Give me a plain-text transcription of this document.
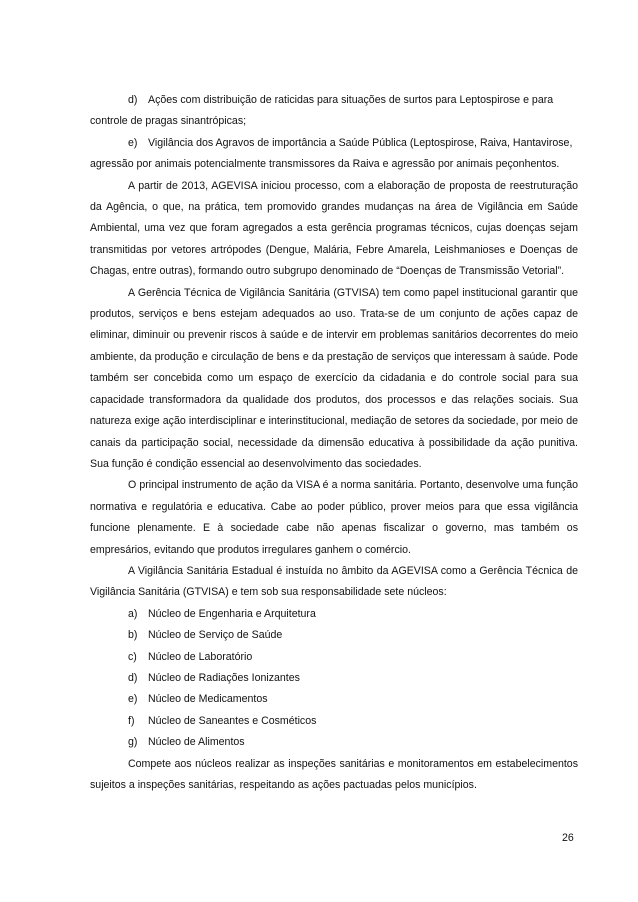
d) Ações com distribuição de raticidas para situações de surtos para Leptospirose e para

controle de pragas sinantrópicas;

e) Vigilância dos Agravos de importância a Saúde Pública (Leptospirose, Raiva, Hantavirose,

agressão por animais potencialmente transmissores da Raiva e agressão por animais peçonhentos.

A partir de 2013, AGEVISA iniciou processo, com a elaboração de proposta de reestruturação da Agência, o que, na prática, tem promovido grandes mudanças na área de Vigilância em Saúde Ambiental, uma vez que foram agregados a esta gerência programas técnicos, cujas doenças sejam transmitidas por vetores artrópodes (Dengue, Malária, Febre Amarela, Leishmanioses e Doenças de Chagas, entre outras), formando outro subgrupo denominado de “Doenças de Transmissão Vetorial”.

A Gerência Técnica de Vigilância Sanitária (GTVISA) tem como papel institucional garantir que produtos, serviços e bens estejam adequados ao uso. Trata-se de um conjunto de ações capaz de eliminar, diminuir ou prevenir riscos à saúde e de intervir em problemas sanitários decorrentes do meio ambiente, da produção e circulação de bens e da prestação de serviços que interessam à saúde. Pode também ser concebida como um espaço de exercício da cidadania e do controle social para sua capacidade transformadora da qualidade dos produtos, dos processos e das relações sociais. Sua natureza exige ação interdisciplinar e interinstitucional, mediação de setores da sociedade, por meio de canais da participação social, necessidade da dimensão educativa à possibilidade da ação punitiva. Sua função é condição essencial ao desenvolvimento das sociedades.

O principal instrumento de ação da VISA é a norma sanitária. Portanto, desenvolve uma função normativa e regulatória e educativa. Cabe ao poder público, prover meios para que essa vigilância funcione plenamente. E à sociedade cabe não apenas fiscalizar o governo, mas também os empresários, evitando que produtos irregulares ganhem o comércio.

A Vigilância Sanitária Estadual é instuída no âmbito da AGEVISA como a Gerência Técnica de Vigilância Sanitária (GTVISA) e tem sob sua responsabilidade sete núcleos:

a) Núcleo de Engenharia e Arquitetura
b) Núcleo de Serviço de Saúde
c)	Núcleo de Laboratório
d) Núcleo de Radiações Ionizantes
e) Núcleo de Medicamentos
f)	Núcleo de Saneantes e Cosméticos
g) Núcleo de Alimentos

Compete aos núcleos realizar as inspeções sanitárias e monitoramentos em estabelecimentos sujeitos a inspeções sanitárias, respeitando as ações pactuadas pelos municípios.

26
